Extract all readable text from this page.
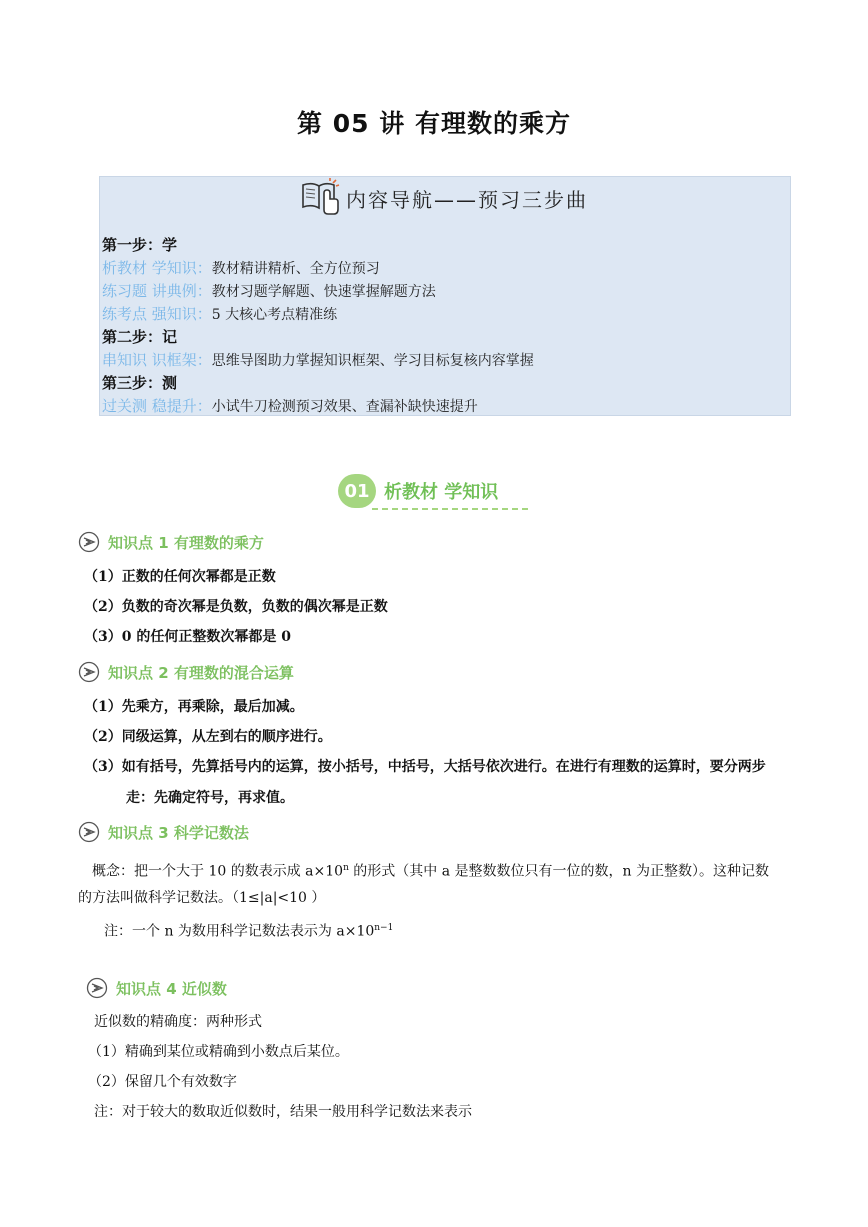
第 05 讲 有理数的乘方
内容导航——预习三步曲
第一步：学
析教材 学知识：教材精讲精析、全方位预习
练习题 讲典例：教材习题学解题、快速掌握解题方法
练考点 强知识：5 大核心考点精准练
第二步：记
串知识 识框架：思维导图助力掌握知识框架、学习目标复核内容掌握
第三步：测
过关测 稳提升：小试牛刀检测预习效果、查漏补缺快速提升
01 析教材 学知识
知识点 1 有理数的乘方
（1）正数的任何次幂都是正数
（2）负数的奇次幂是负数，负数的偶次幂是正数
（3）0 的任何正整数次幂都是 0
知识点 2 有理数的混合运算
（1）先乘方，再乘除，最后加减。
（2）同级运算，从左到右的顺序进行。
（3）如有括号，先算括号内的运算，按小括号，中括号，大括号依次进行。在进行有理数的运算时，要分两步
走：先确定符号，再求值。
知识点 3 科学记数法
概念：把一个大于 10 的数表示成 $a\times 10^n$ 的形式（其中 a 是整数数位只有一位的数，n 为正整数）。这种记数
的方法叫做科学记数法。（1≤|a|<10 ）
注：一个 n 为数用科学记数法表示为 $a\times 10^{n-1}$
知识点 4 近似数
近似数的精确度：两种形式
（1）精确到某位或精确到小数点后某位。
（2）保留几个有效数字
注：对于较大的数取近似数时，结果一般用科学记数法来表示
